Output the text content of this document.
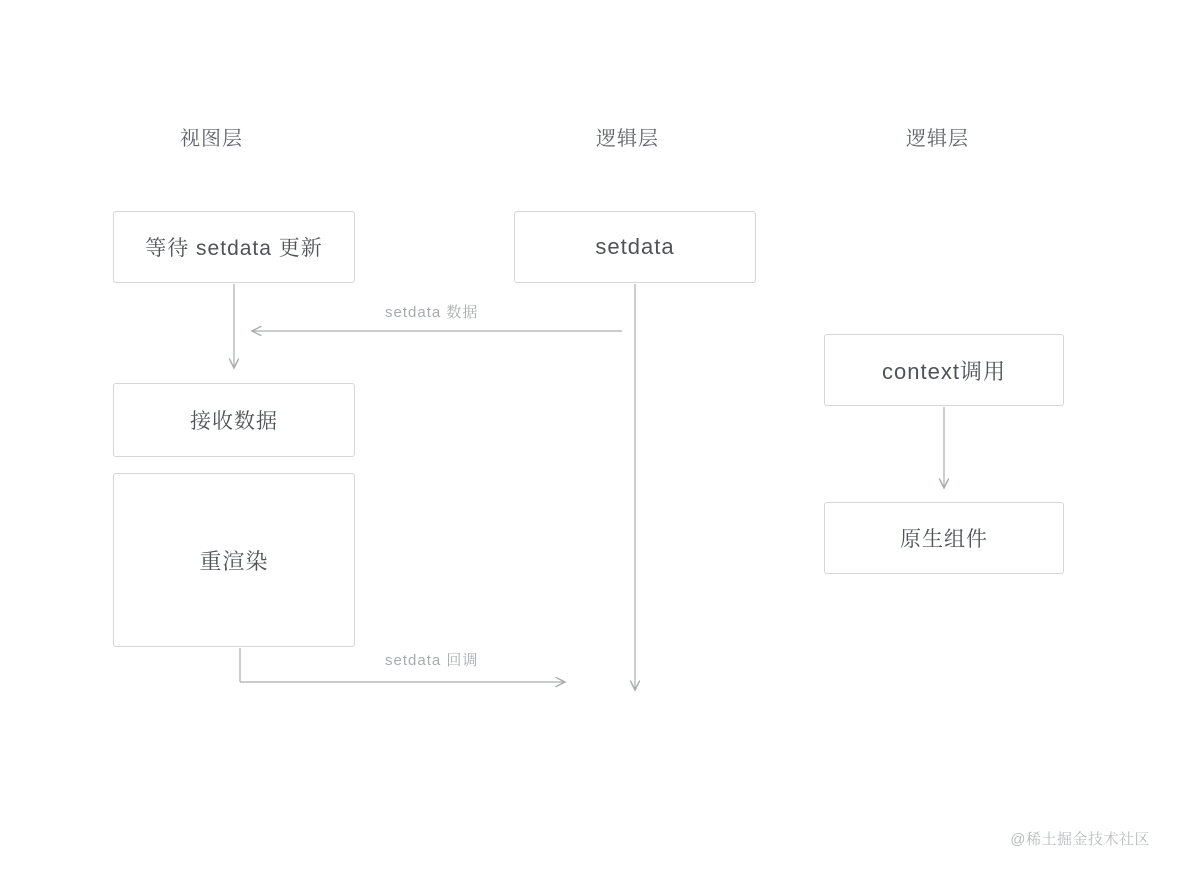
视图层	逻辑层	逻辑层
等待 setdata 更新	setdata
接收数据
重渲染
context调用
原生组件
setdata 数据
setdata 回调
@稀土掘金技术社区
